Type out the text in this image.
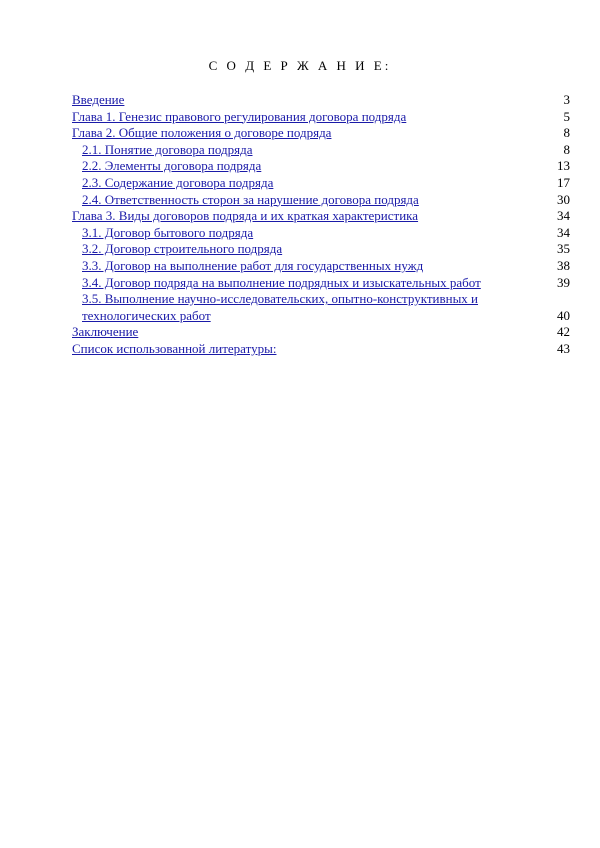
С О Д Е Р Ж А Н И Е:
Введение	3
Глава 1. Генезис правового регулирования договора подряда	5
Глава 2. Общие положения о договоре подряда	8
2.1. Понятие договора подряда	8
2.2. Элементы договора подряда	13
2.3. Содержание договора подряда	17
2.4. Ответственность сторон за нарушение договора подряда	30
Глава 3. Виды договоров подряда и их краткая характеристика	34
3.1. Договор бытового подряда	34
3.2. Договор строительного подряда	35
3.3. Договор на выполнение работ для государственных нужд	38
3.4. Договор подряда на выполнение подрядных и изыскательных работ	39
3.5. Выполнение научно-исследовательских, опытно-конструктивных и технологических работ	40
Заключение	42
Список использованной литературы:	43
